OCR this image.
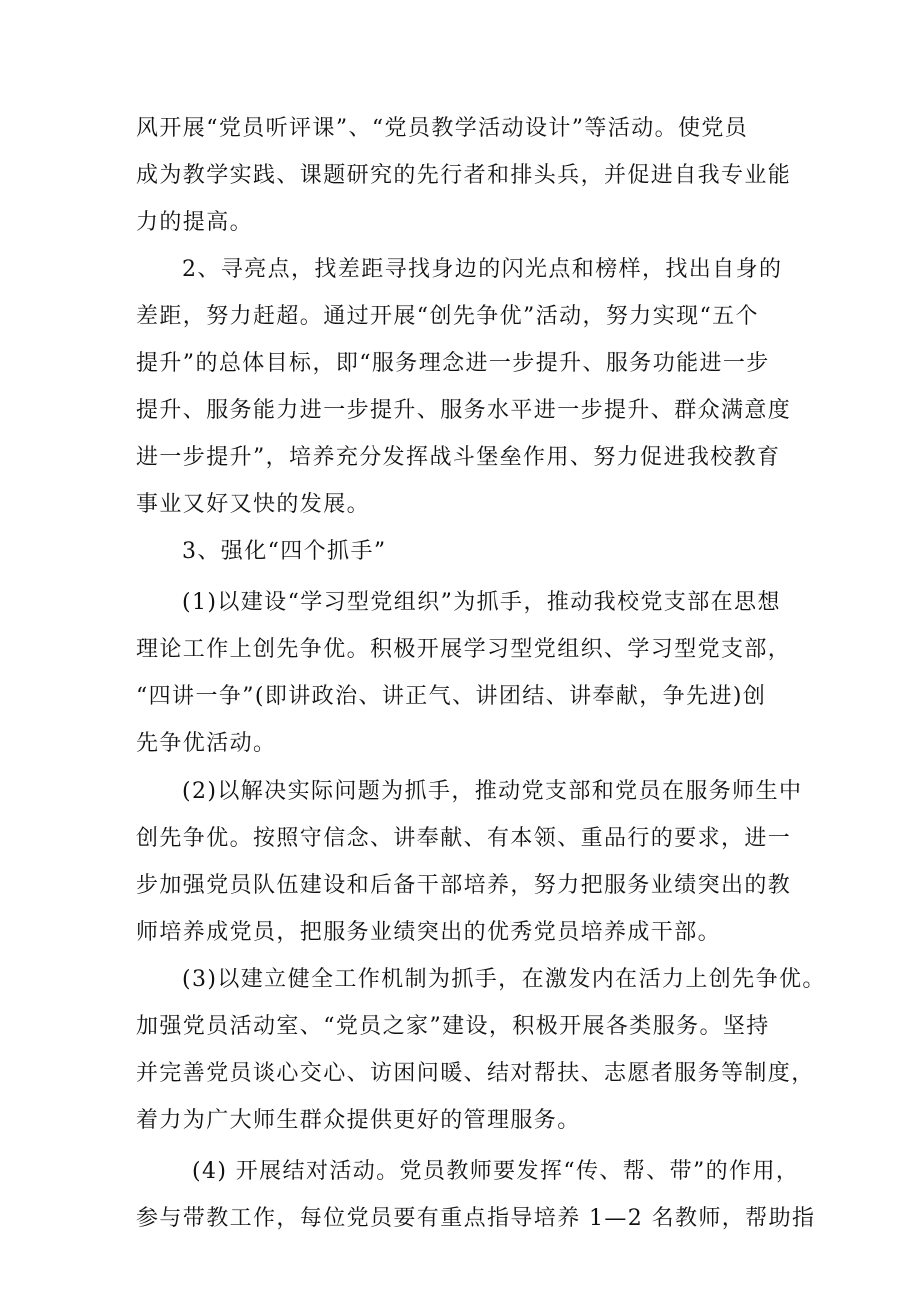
风开展“党员听评课”、“党员教学活动设计”等活动。使党员

成为教学实践、课题研究的先行者和排头兵，并促进自我专业能

力的提高。

2、寻亮点，找差距寻找身边的闪光点和榜样，找出自身的

差距，努力赶超。通过开展“创先争优”活动，努力实现“五个

提升”的总体目标，即“服务理念进一步提升、服务功能进一步

提升、服务能力进一步提升、服务水平进一步提升、群众满意度

进一步提升”，培养充分发挥战斗堡垒作用、努力促进我校教育

事业又好又快的发展。

3、强化“四个抓手”

(1)以建设“学习型党组织”为抓手，推动我校党支部在思想

理论工作上创先争优。积极开展学习型党组织、学习型党支部，

“四讲一争”(即讲政治、讲正气、讲团结、讲奉献，争先进)创

先争优活动。

(2)以解决实际问题为抓手，推动党支部和党员在服务师生中

创先争优。按照守信念、讲奉献、有本领、重品行的要求，进一

步加强党员队伍建设和后备干部培养，努力把服务业绩突出的教

师培养成党员，把服务业绩突出的优秀党员培养成干部。

(3)以建立健全工作机制为抓手，在激发内在活力上创先争优。

加强党员活动室、“党员之家”建设，积极开展各类服务。坚持

并完善党员谈心交心、访困问暖、结对帮扶、志愿者服务等制度，

着力为广大师生群众提供更好的管理服务。

(4) 开展结对活动。党员教师要发挥“传、帮、带”的作用，

参与带教工作，每位党员要有重点指导培养 1—2 名教师，帮助指
